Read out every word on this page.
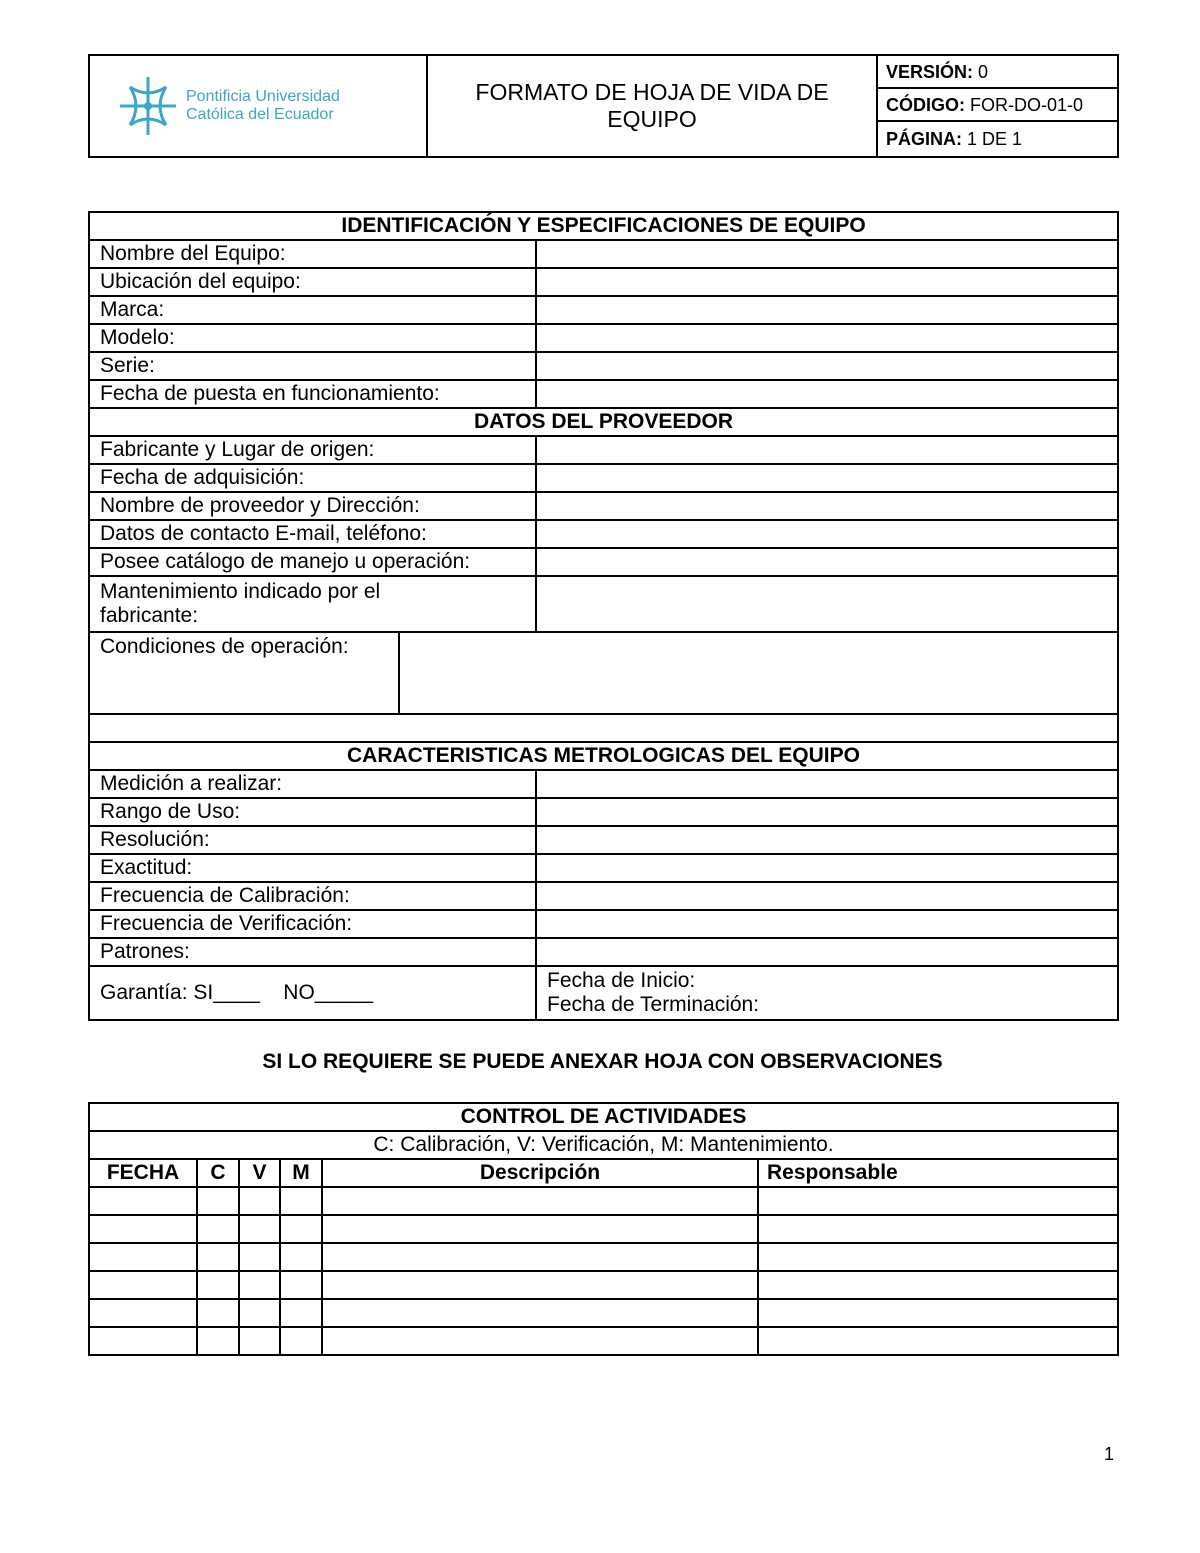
Pontificia Universidad
Católica del Ecuador
	FORMATO DE HOJA DE VIDA DE EQUIPO	VERSIÓN: 0
CÓDIGO: FOR-DO-01-0
PÁGINA: 1 DE 1
IDENTIFICACIÓN Y ESPECIFICACIONES DE EQUIPO		
Nombre del Equipo:		
Ubicación del equipo:		
Marca:		
Modelo:		
Serie:		
Fecha de puesta en funcionamiento:		
DATOS DEL PROVEEDOR		
Fabricante y Lugar de origen:		
Fecha de adquisición:		
Nombre de proveedor y Dirección:		
Datos de contacto E-mail, teléfono:		
Posee catálogo de manejo u operación:		
Mantenimiento indicado por el fabricante:		
Condiciones de operación:		

CARACTERISTICAS METROLOGICAS DEL EQUIPO		
Medición a realizar:		
Rango de Uso:		
Resolución:		
Exactitud:		
Frecuencia de Calibración:		
Frecuencia de Verificación:		
Patrones:		
Garantía: SI____    NO_____		Fecha de Inicio:
Fecha de Terminación:
SI LO REQUIERE SE PUEDE ANEXAR HOJA CON OBSERVACIONES
CONTROL DE ACTIVIDADES					
C: Calibración, V: Verificación, M: Mantenimiento.					
FECHA	C	V	M	Descripción	Responsable

1
